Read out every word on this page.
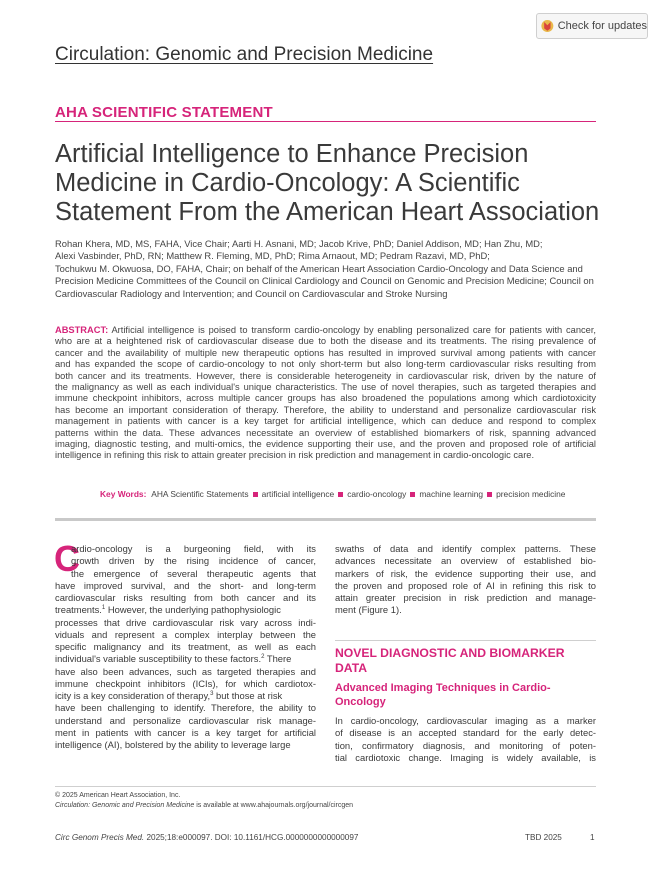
Check for updates
Circulation: Genomic and Precision Medicine
AHA SCIENTIFIC STATEMENT
Artificial Intelligence to Enhance Precision
Medicine in Cardio-Oncology: A Scientific
Statement From the American Heart Association
Rohan Khera, MD, MS, FAHA, Vice Chair; Aarti H. Asnani, MD; Jacob Krive, PhD; Daniel Addison, MD; Han Zhu, MD;
Alexi Vasbinder, PhD, RN; Matthew R. Fleming, MD, PhD; Rima Arnaout, MD; Pedram Razavi, MD, PhD;
Tochukwu M. Okwuosa, DO, FAHA, Chair; on behalf of the American Heart Association Cardio-Oncology and Data Science and
Precision Medicine Committees of the Council on Clinical Cardiology and Council on Genomic and Precision Medicine; Council on
Cardiovascular Radiology and Intervention; and Council on Cardiovascular and Stroke Nursing
ABSTRACT: Artificial intelligence is poised to transform cardio-oncology by enabling personalized care for patients with cancer,
who are at a heightened risk of cardiovascular disease due to both the disease and its treatments. The rising prevalence of
cancer and the availability of multiple new therapeutic options has resulted in improved survival among patients with cancer
and has expanded the scope of cardio-oncology to not only short-term but also long-term cardiovascular risks resulting from
both cancer and its treatments. However, there is considerable heterogeneity in cardiovascular risk, driven by the nature of
the malignancy as well as each individual's unique characteristics. The use of novel therapies, such as targeted therapies and
immune checkpoint inhibitors, across multiple cancer groups has also broadened the populations among which cardiotoxicity
has become an important consideration of therapy. Therefore, the ability to understand and personalize cardiovascular risk
management in patients with cancer is a key target for artificial intelligence, which can deduce and respond to complex
patterns within the data. These advances necessitate an overview of established biomarkers of risk, spanning advanced
imaging, diagnostic testing, and multi-omics, the evidence supporting their use, and the proven and proposed role of artificial
intelligence in refining this risk to attain greater precision in risk prediction and management in cardio-oncologic care.
Key Words: AHA Scientific Statements artificial intelligence cardio-oncology machine learning precision medicine
C
ardio-oncology is a burgeoning field, with its
growth driven by the rising incidence of cancer,
the emergence of several therapeutic agents that
have improved survival, and the short- and long-term
cardiovascular risks resulting from both cancer and its
treatments.$^1$ However, the underlying pathophysiologic
processes that drive cardiovascular risk vary across indi-
viduals and represent a complex interplay between the
specific malignancy and its treatment, as well as each
individual's variable susceptibility to these factors.$^2$ There
have also been advances, such as targeted therapies and
immune checkpoint inhibitors (ICIs), for which cardiotox-
icity is a key consideration of therapy,$^3$ but those at risk
have been challenging to identify. Therefore, the ability to
understand and personalize cardiovascular risk manage-
ment in patients with cancer is a key target for artificial
intelligence (AI), bolstered by the ability to leverage large
swaths of data and identify complex patterns. These
advances necessitate an overview of established bio-
markers of risk, the evidence supporting their use, and
the proven and proposed role of AI in refining this risk to
attain greater precision in risk prediction and manage-
ment (Figure 1).
NOVEL DIAGNOSTIC AND BIOMARKER
DATA
Advanced Imaging Techniques in Cardio-
Oncology
In cardio-oncology, cardiovascular imaging as a marker
of disease is an accepted standard for the early detec-
tion, confirmatory diagnosis, and monitoring of poten-
tial cardiotoxic change. Imaging is widely available, is
© 2025 American Heart Association, Inc.
Circulation: Genomic and Precision Medicine is available at www.ahajournals.org/journal/circgen
Circ Genom Precis Med. 2025;18:e000097. DOI: 10.1161/HCG.0000000000000097	TBD 2025	1
